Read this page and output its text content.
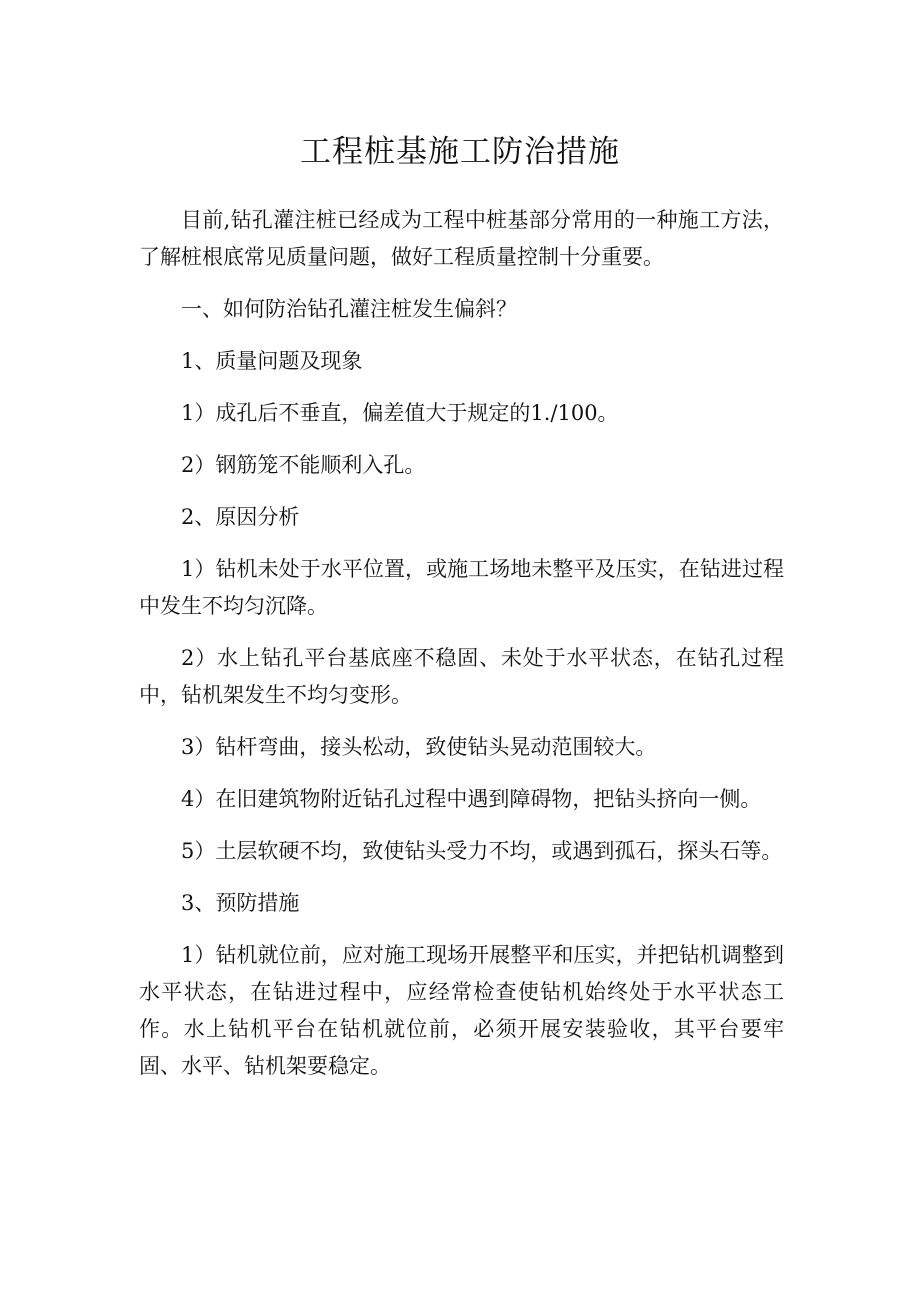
工程桩基施工防治措施

目前,钻孔灌注桩已经成为工程中桩基部分常用的一种施工方法，了解桩根底常见质量问题，做好工程质量控制十分重要。

一、如何防治钻孔灌注桩发生偏斜？

1、质量问题及现象

1）成孔后不垂直，偏差值大于规定的1./100。

2）钢筋笼不能顺利入孔。

2、原因分析

1）钻机未处于水平位置，或施工场地未整平及压实，在钻进过程中发生不均匀沉降。

2）水上钻孔平台基底座不稳固、未处于水平状态，在钻孔过程中，钻机架发生不均匀变形。

3）钻杆弯曲，接头松动，致使钻头晃动范围较大。

4）在旧建筑物附近钻孔过程中遇到障碍物，把钻头挤向一侧。

5）土层软硬不均，致使钻头受力不均，或遇到孤石，探头石等。

3、预防措施

1）钻机就位前，应对施工现场开展整平和压实，并把钻机调整到水平状态，在钻进过程中，应经常检查使钻机始终处于水平状态工作。水上钻机平台在钻机就位前，必须开展安装验收，其平台要牢固、水平、钻机架要稳定。
